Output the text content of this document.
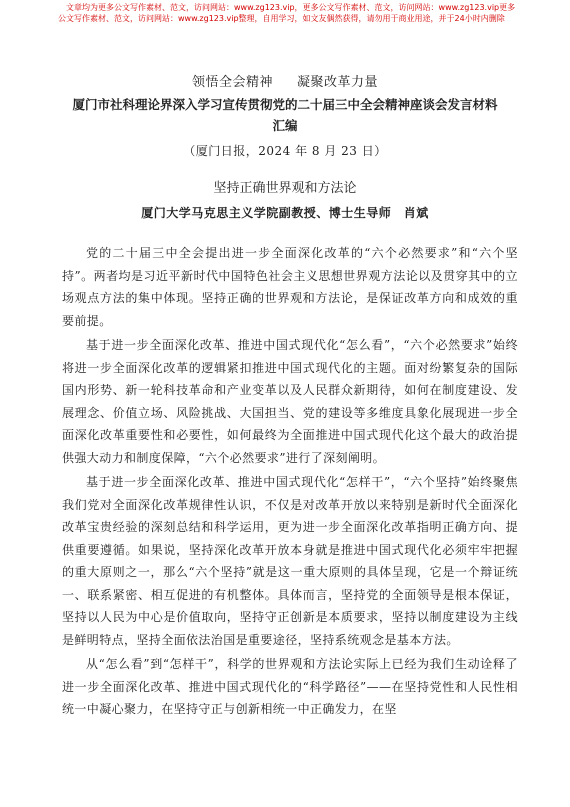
文章均为更多公文写作素材、范文，访问网站：www.zg123.vip，更多公文写作素材、范文，访问网站：www.zg123.vip更多
公文写作素材、范文，访问网站：www.zg123.vip整理，自用学习，如文友偶然获得，请勿用于商业用途，并于24小时内删除

领悟全会精神 凝聚改革力量

厦门市社科理论界深入学习宣传贯彻党的二十届三中全会精神座谈会发言材料汇编

（厦门日报，2024 年 8 月 23 日）
坚持正确世界观和方法论
厦门大学马克思主义学院副教授、博士生导师　肖斌

党的二十届三中全会提出进一步全面深化改革的“六个必然要求”和“六个坚持”。两者均是习近平新时代中国特色社会主义思想世界观方法论以及贯穿其中的立场观点方法的集中体现。坚持正确的世界观和方法论，是保证改革方向和成效的重要前提。

基于进一步全面深化改革、推进中国式现代化“怎么看”，“六个必然要求”始终将进一步全面深化改革的逻辑紧扣推进中国式现代化的主题。面对纷繁复杂的国际国内形势、新一轮科技革命和产业变革以及人民群众新期待，如何在制度建设、发展理念、价值立场、风险挑战、大国担当、党的建设等多维度具象化展现进一步全面深化改革重要性和必要性，如何最终为全面推进中国式现代化这个最大的政治提供强大动力和制度保障，“六个必然要求”进行了深刻阐明。

基于进一步全面深化改革、推进中国式现代化“怎样干”，“六个坚持”始终聚焦我们党对全面深化改革规律性认识，不仅是对改革开放以来特别是新时代全面深化改革宝贵经验的深刻总结和科学运用，更为进一步全面深化改革指明正确方向、提供重要遵循。如果说，坚持深化改革开放本身就是推进中国式现代化必须牢牢把握的重大原则之一，那么“六个坚持”就是这一重大原则的具体呈现，它是一个辩证统一、联系紧密、相互促进的有机整体。具体而言，坚持党的全面领导是根本保证，坚持以人民为中心是价值取向，坚持守正创新是本质要求，坚持以制度建设为主线是鲜明特点，坚持全面依法治国是重要途径，坚持系统观念是基本方法。

从“怎么看”到“怎样干”，科学的世界观和方法论实际上已经为我们生动诠释了进一步全面深化改革、推进中国式现代化的“科学路径”——在坚持党性和人民性相统一中凝心聚力，在坚持守正与创新相统一中正确发力，在坚
